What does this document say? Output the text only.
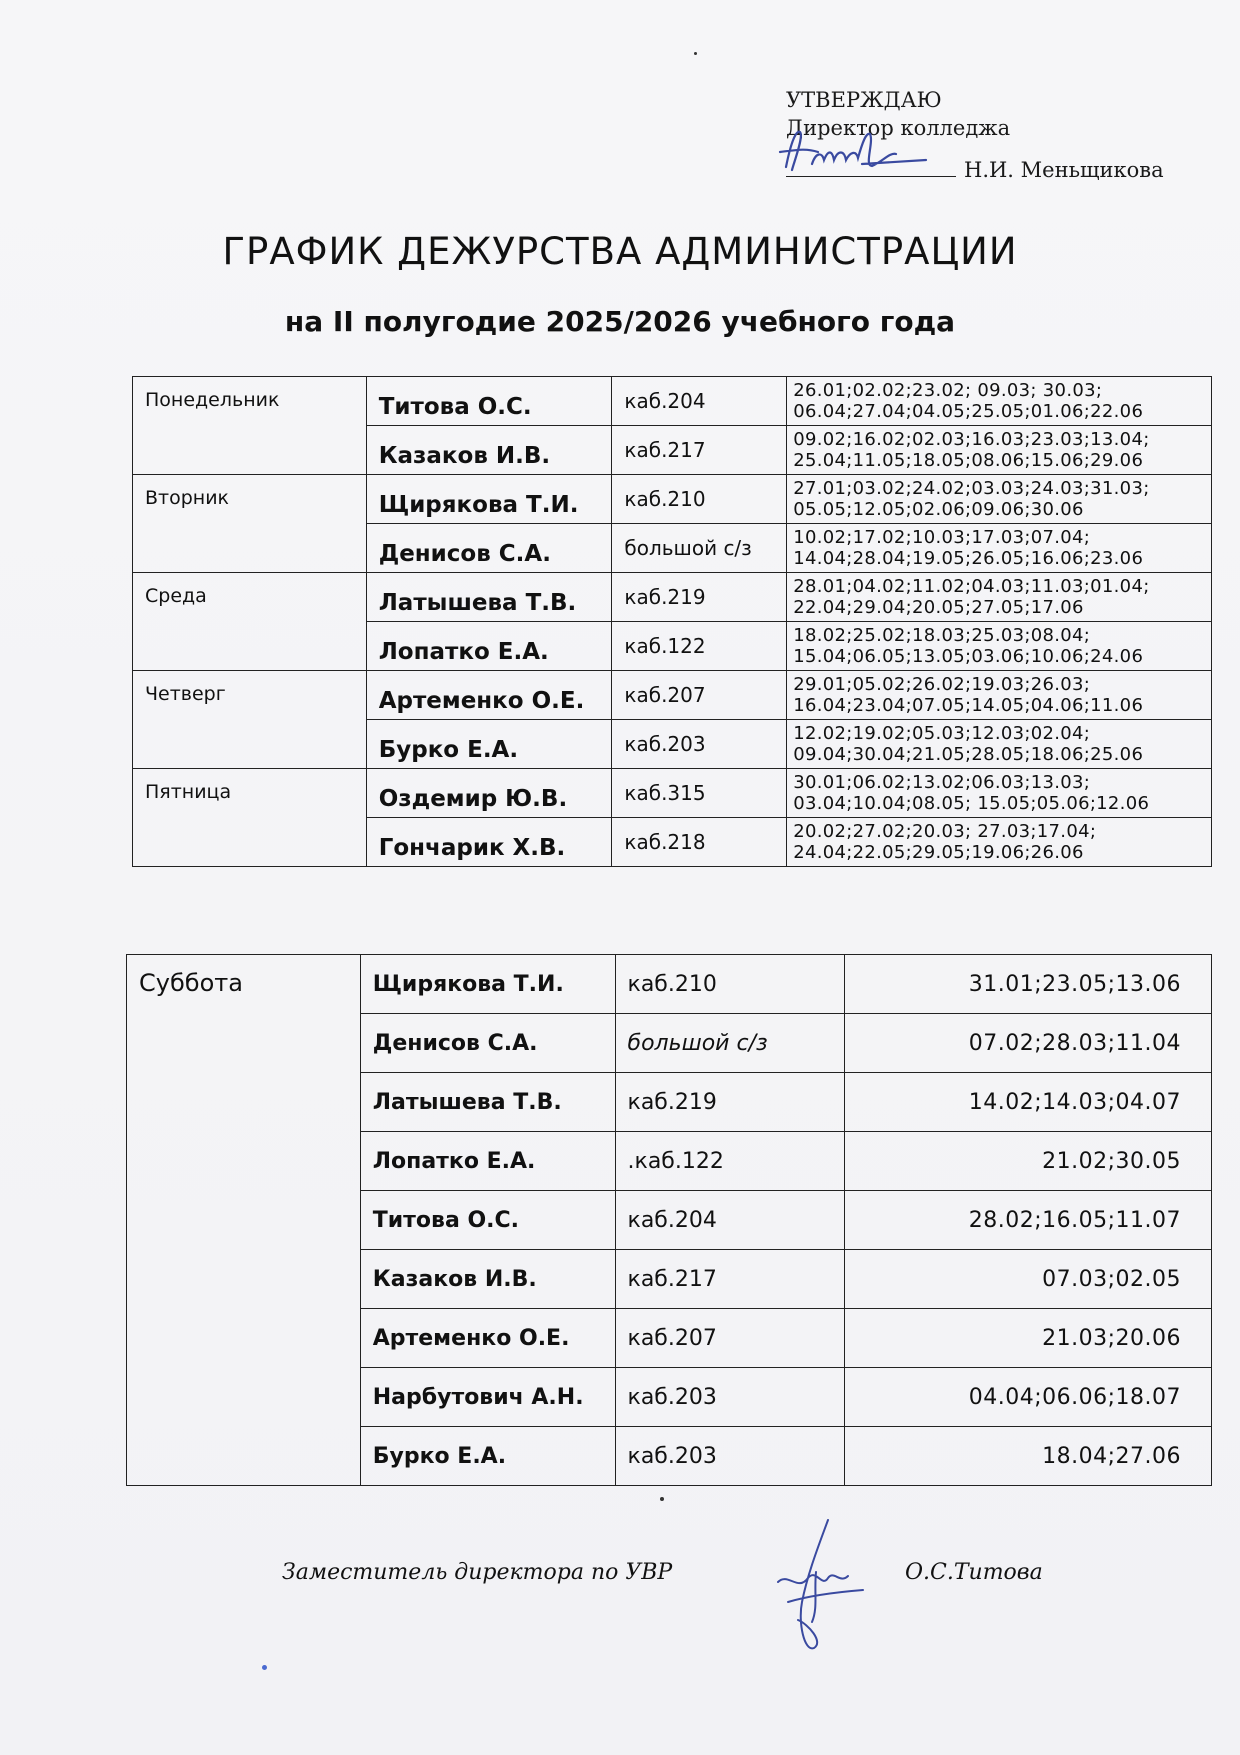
УТВЕРЖДАЮ
Директор колледжа
Н.И. Меньщикова
ГРАФИК ДЕЖУРСТВА АДМИНИСТРАЦИИ
на II полугодие 2025/2026 учебного года
Понедельник	Титова О.С.	каб.204	26.01;02.02;23.02; 09.03; 30.03;
06.04;27.04;04.05;25.05;01.06;22.06

	Казаков И.В.	каб.217	09.02;16.02;02.03;16.03;23.03;13.04;
25.04;11.05;18.05;08.06;15.06;29.06

Вторник	Щирякова Т.И.	каб.210	27.01;03.02;24.02;03.03;24.03;31.03;
05.05;12.05;02.06;09.06;30.06

	Денисов С.А.	большой с/з	10.02;17.02;10.03;17.03;07.04;
14.04;28.04;19.05;26.05;16.06;23.06

Среда	Латышева Т.В.	каб.219	28.01;04.02;11.02;04.03;11.03;01.04;
22.04;29.04;20.05;27.05;17.06

	Лопатко Е.А.	каб.122	18.02;25.02;18.03;25.03;08.04;
15.04;06.05;13.05;03.06;10.06;24.06

Четверг	Артеменко О.Е.	каб.207	29.01;05.02;26.02;19.03;26.03;
16.04;23.04;07.05;14.05;04.06;11.06

	Бурко Е.А.	каб.203	12.02;19.02;05.03;12.03;02.04;
09.04;30.04;21.05;28.05;18.06;25.06

Пятница	Оздемир Ю.В.	каб.315	30.01;06.02;13.02;06.03;13.03;
03.04;10.04;08.05; 15.05;05.06;12.06

	Гончарик Х.В.	каб.218	20.02;27.02;20.03; 27.03;17.04;
24.04;22.05;29.05;19.06;26.06
Суббота	Щирякова Т.И.	каб.210	31.01;23.05;13.06
	Денисов С.А.	большой с/з	07.02;28.03;11.04
	Латышева Т.В.	каб.219	14.02;14.03;04.07
	Лопатко Е.А.	.каб.122	21.02;30.05
	Титова О.С.	каб.204	28.02;16.05;11.07
	Казаков И.В.	каб.217	07.03;02.05
	Артеменко О.Е.	каб.207	21.03;20.06
	Нарбутович А.Н.	каб.203	04.04;06.06;18.07
	Бурко Е.А.	каб.203	18.04;27.06
Заместитель директора по УВР	О.С.Титова
